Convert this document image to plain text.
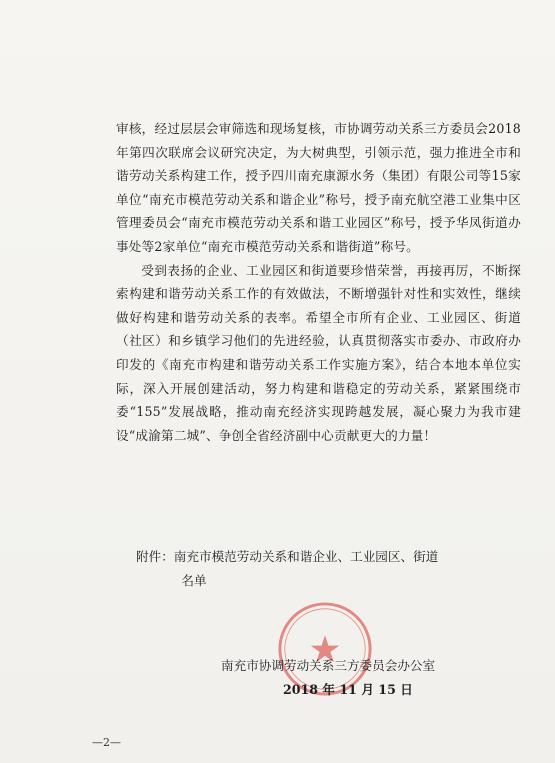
审核，经过层层会审筛选和现场复核，市协调劳动关系三方委员会2018年第四次联席会议研究决定，为大树典型，引领示范，强力推进全市和谐劳动关系构建工作，授予四川南充康源水务（集团）有限公司等15家单位“南充市模范劳动关系和谐企业”称号，授予南充航空港工业集中区管理委员会“南充市模范劳动关系和谐工业园区”称号，授予华凤街道办事处等2家单位“南充市模范劳动关系和谐街道”称号。

受到表扬的企业、工业园区和街道要珍惜荣誉，再接再厉，不断探索构建和谐劳动关系工作的有效做法，不断增强针对性和实效性，继续做好构建和谐劳动关系的表率。希望全市所有企业、工业园区、街道（社区）和乡镇学习他们的先进经验，认真贯彻落实市委办、市政府办印发的《南充市构建和谐劳动关系工作实施方案》，结合本地本单位实际，深入开展创建活动，努力构建和谐稳定的劳动关系，紧紧围绕市委“155”发展战略，推动南充经济实现跨越发展，凝心聚力为我市建设“成渝第二城”、争创全省经济副中心贡献更大的力量！

附件：南充市模范劳动关系和谐企业、工业园区、街道
名单
南充市协调劳动关系三方委员会办公室
2018 年 11 月 15 日
—2—
